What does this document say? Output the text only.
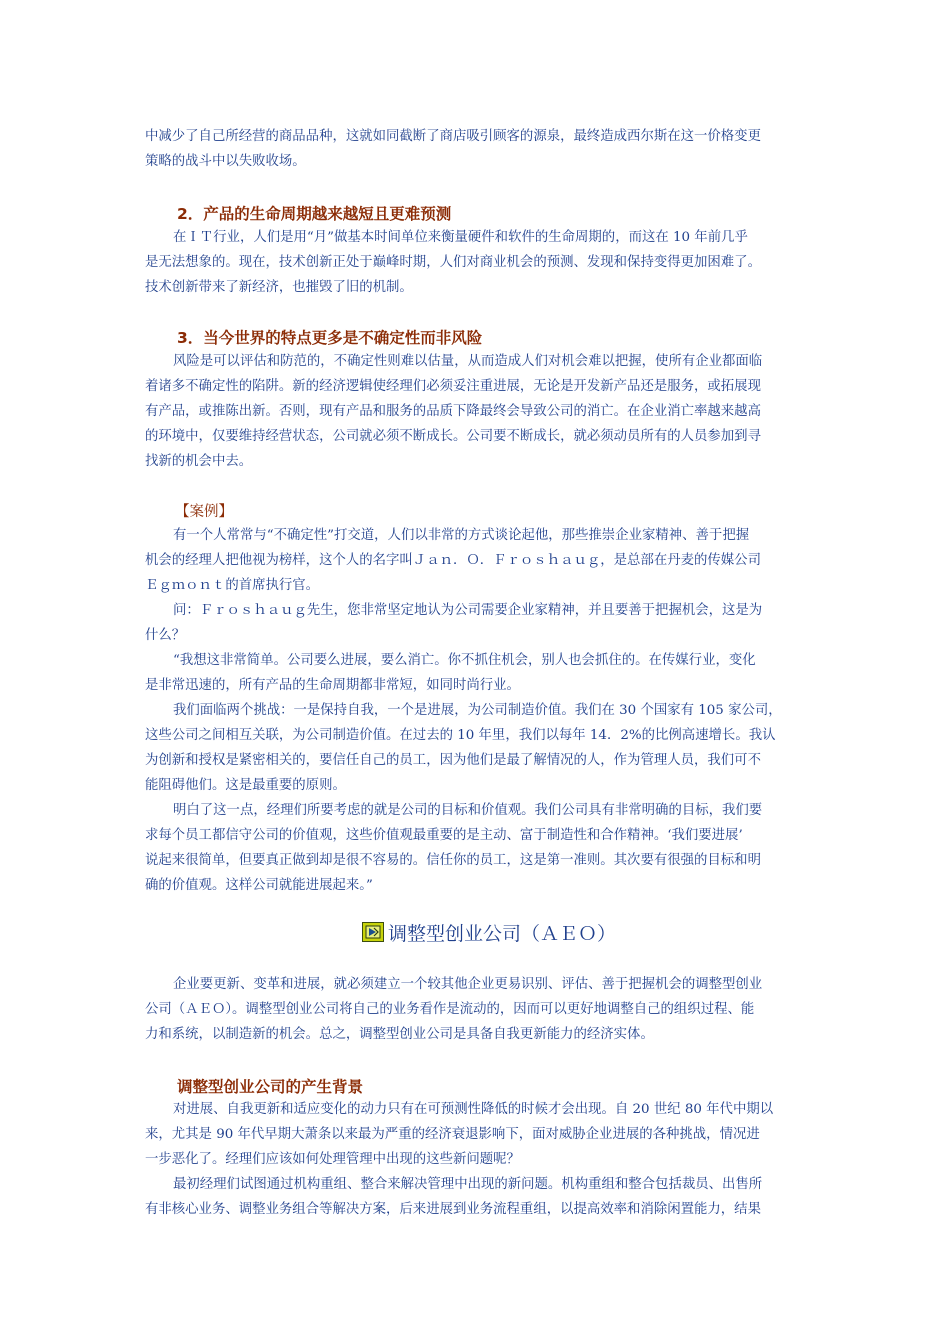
中减少了自己所经营的商品品种，这就如同截断了商店吸引顾客的源泉，最终造成西尔斯在这一价格变更
策略的战斗中以失败收场。
2．产品的生命周期越来越短且更难预测
在ＩＴ行业，人们是用“月”做基本时间单位来衡量硬件和软件的生命周期的，而这在 10 年前几乎
是无法想象的。现在，技术创新正处于巅峰时期，人们对商业机会的预测、发现和保持变得更加困难了。
技术创新带来了新经济，也摧毁了旧的机制。
3．当今世界的特点更多是不确定性而非风险
风险是可以评估和防范的，不确定性则难以估量，从而造成人们对机会难以把握，使所有企业都面临
着诸多不确定性的陷阱。新的经济逻辑使经理们必须妥注重进展，无论是开发新产品还是服务，或拓展现
有产品，或推陈出新。否则，现有产品和服务的品质下降最终会导致公司的消亡。在企业消亡率越来越高
的环境中，仅要维持经营状态，公司就必须不断成长。公司要不断成长，就必须动员所有的人员参加到寻
找新的机会中去。
【案例】
有一个人常常与“不确定性”打交道，人们以非常的方式谈论起他，那些推崇企业家精神、善于把握
机会的经理人把他视为榜样，这个人的名字叫Ｊａｎ．Ｏ．Ｆｒｏｓｈａｕｇ，是总部在丹麦的传媒公司
Ｅｇｍｏｎｔ的首席执行官。
问：Ｆｒｏｓｈａｕｇ先生，您非常坚定地认为公司需要企业家精神，并且要善于把握机会，这是为
什么？
“我想这非常简单。公司要么进展，要么消亡。你不抓住机会，别人也会抓住的。在传媒行业，变化
是非常迅速的，所有产品的生命周期都非常短，如同时尚行业。
我们面临两个挑战：一是保持自我，一个是进展，为公司制造价值。我们在 30 个国家有 105 家公司，
这些公司之间相互关联，为公司制造价值。在过去的 10 年里，我们以每年 14．2%的比例高速增长。我认
为创新和授权是紧密相关的，要信任自己的员工，因为他们是最了解情况的人，作为管理人员，我们可不
能阻碍他们。这是最重要的原则。
明白了这一点，经理们所要考虑的就是公司的目标和价值观。我们公司具有非常明确的目标，我们要
求每个员工都信守公司的价值观，这些价值观最重要的是主动、富于制造性和合作精神。‘我们要进展’
说起来很简单，但要真正做到却是很不容易的。信任你的员工，这是第一准则。其次要有很强的目标和明
确的价值观。这样公司就能进展起来。”
调整型创业公司（ＡＥＯ）
企业要更新、变革和进展，就必须建立一个较其他企业更易识别、评估、善于把握机会的调整型创业
公司（ＡＥＯ）。调整型创业公司将自己的业务看作是流动的，因而可以更好地调整自己的组织过程、能
力和系统，以制造新的机会。总之，调整型创业公司是具备自我更新能力的经济实体。
调整型创业公司的产生背景
对进展、自我更新和适应变化的动力只有在可预测性降低的时候才会出现。自 20 世纪 80 年代中期以
来，尤其是 90 年代早期大萧条以来最为严重的经济衰退影响下，面对威胁企业进展的各种挑战，情况进
一步恶化了。经理们应该如何处理管理中出现的这些新问题呢？
最初经理们试图通过机构重组、整合来解决管理中出现的新问题。机构重组和整合包括裁员、出售所
有非核心业务、调整业务组合等解决方案，后来进展到业务流程重组，以提高效率和消除闲置能力，结果
